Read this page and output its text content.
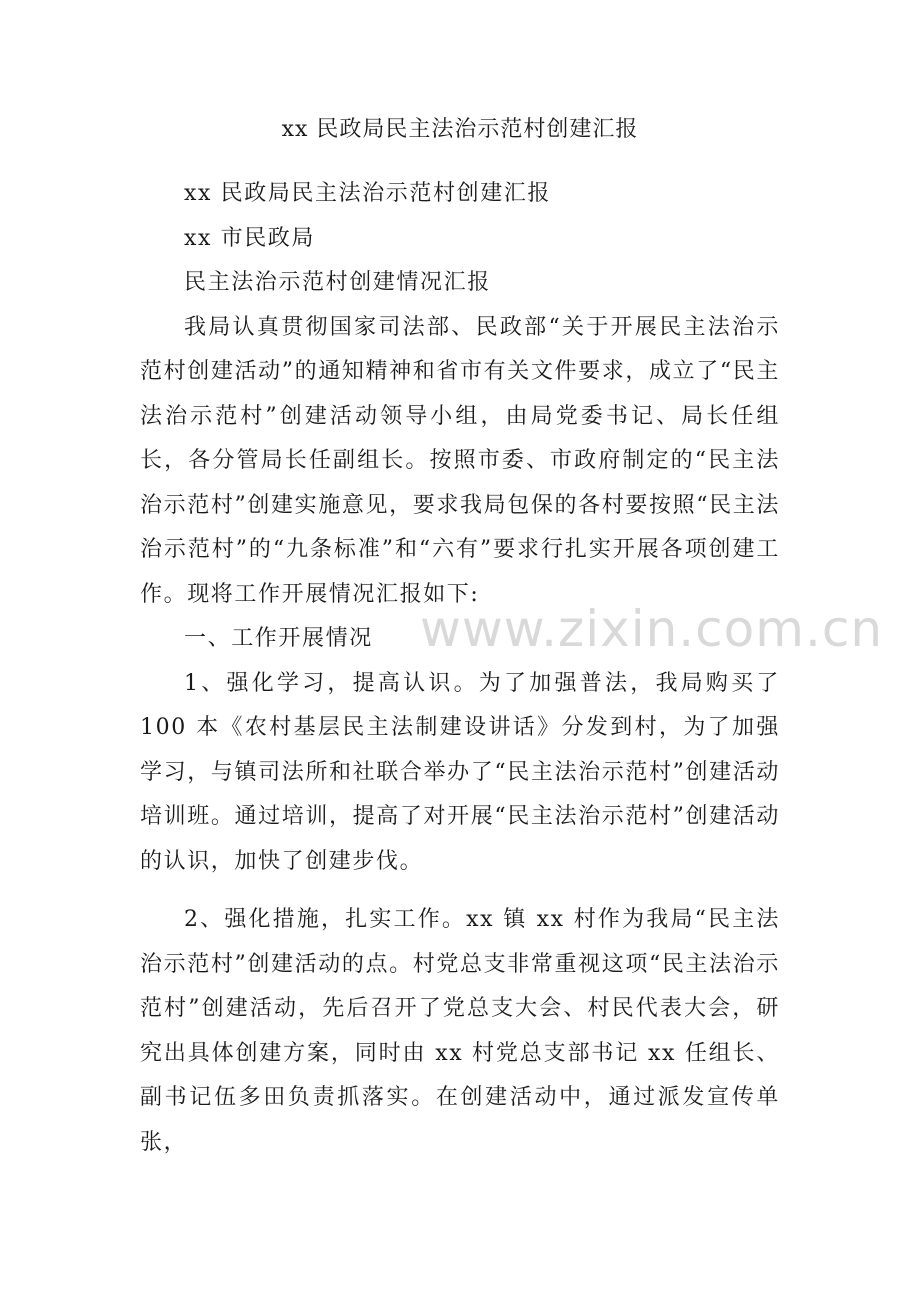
xx 民政局民主法治示范村创建汇报

xx 民政局民主法治示范村创建汇报

xx 市民政局

民主法治示范村创建情况汇报

我局认真贯彻国家司法部、民政部“关于开展民主法治示范村创建活动”的通知精神和省市有关文件要求，成立了“民主法治示范村”创建活动领导小组，由局党委书记、局长任组长，各分管局长任副组长。按照市委、市政府制定的“民主法治示范村”创建实施意见，要求我局包保的各村要按照“民主法治示范村”的“九条标准”和“六有”要求行扎实开展各项创建工作。现将工作开展情况汇报如下:

一、工作开展情况

1、强化学习，提高认识。为了加强普法，我局购买了 100 本《农村基层民主法制建设讲话》分发到村，为了加强学习，与镇司法所和社联合举办了“民主法治示范村”创建活动培训班。通过培训，提高了对开展“民主法治示范村”创建活动的认识，加快了创建步伐。

2、强化措施，扎实工作。xx 镇 xx 村作为我局“民主法治示范村”创建活动的点。村党总支非常重视这项“民主法治示范村”创建活动，先后召开了党总支大会、村民代表大会，研究出具体创建方案，同时由 xx 村党总支部书记 xx 任组长、副书记伍多田负责抓落实。在创建活动中，通过派发宣传单张，

www.zixin.com.cn
